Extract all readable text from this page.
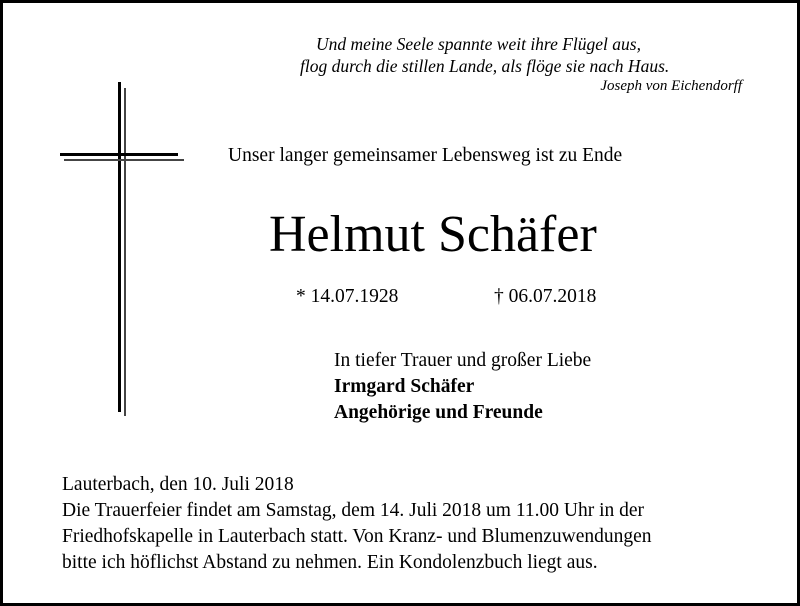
Und meine Seele spannte weit ihre Flügel aus,
flog durch die stillen Lande, als flöge sie nach Haus.
Joseph von Eichendorff
Unser langer gemeinsamer Lebensweg ist zu Ende
Helmut Schäfer
* 14.07.1928	† 06.07.2018
In tiefer Trauer und großer Liebe
Irmgard Schäfer
Angehörige und Freunde
Lauterbach, den 10. Juli 2018
Die Trauerfeier findet am Samstag, dem 14. Juli 2018 um 11.00 Uhr in der
Friedhofskapelle in Lauterbach statt. Von Kranz- und Blumenzuwendungen
bitte ich höflichst Abstand zu nehmen. Ein Kondolenzbuch liegt aus.
